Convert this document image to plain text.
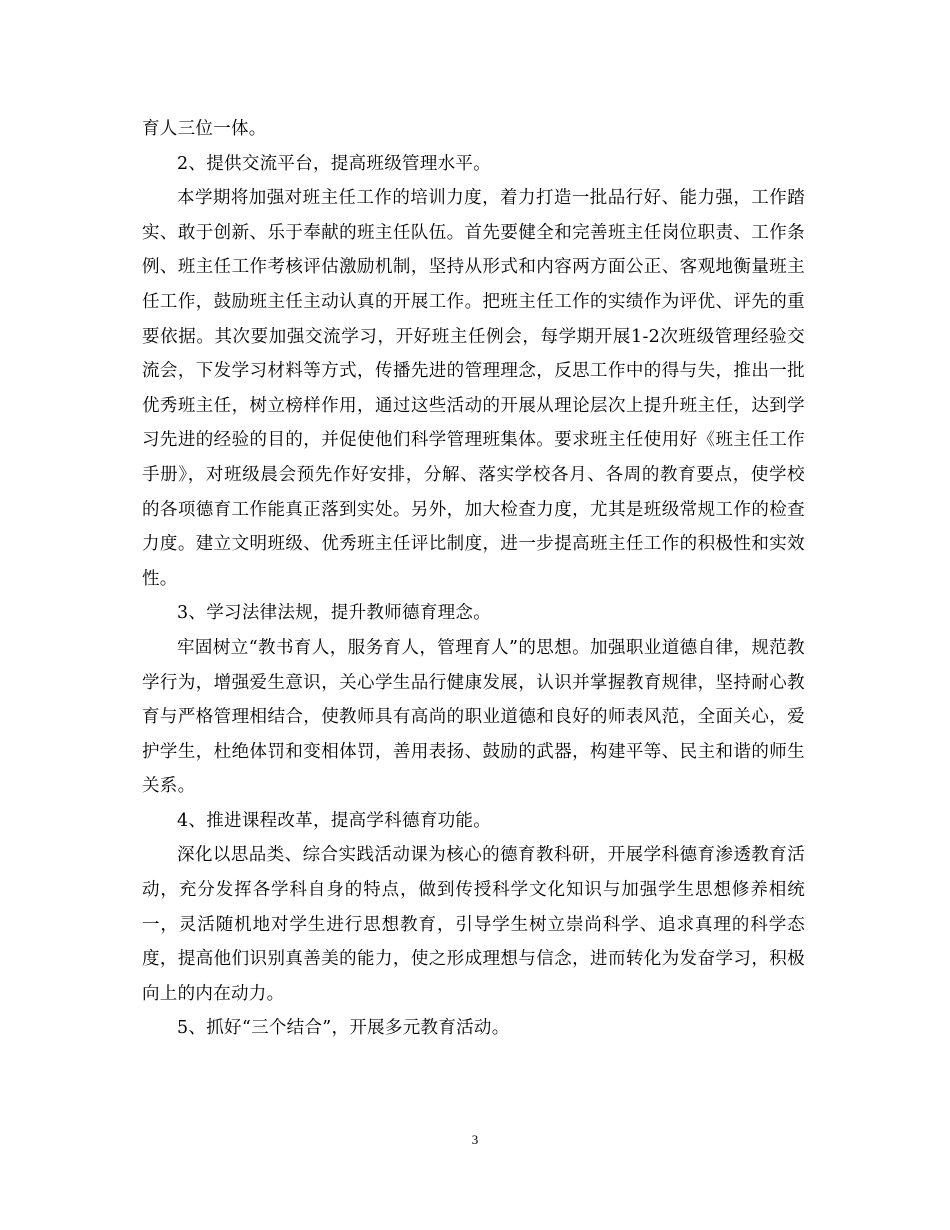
育人三位一体。

2、提供交流平台，提高班级管理水平。

本学期将加强对班主任工作的培训力度，着力打造一批品行好、能力强，工作踏实、敢于创新、乐于奉献的班主任队伍。首先要健全和完善班主任岗位职责、工作条例、班主任工作考核评估激励机制，坚持从形式和内容两方面公正、客观地衡量班主任工作，鼓励班主任主动认真的开展工作。把班主任工作的实绩作为评优、评先的重要依据。其次要加强交流学习，开好班主任例会，每学期开展1-2次班级管理经验交流会，下发学习材料等方式，传播先进的管理理念，反思工作中的得与失，推出一批优秀班主任，树立榜样作用，通过这些活动的开展从理论层次上提升班主任，达到学习先进的经验的目的，并促使他们科学管理班集体。要求班主任使用好《班主任工作手册》，对班级晨会预先作好安排，分解、落实学校各月、各周的教育要点，使学校的各项德育工作能真正落到实处。另外，加大检查力度，尤其是班级常规工作的检查力度。建立文明班级、优秀班主任评比制度，进一步提高班主任工作的积极性和实效性。

3、学习法律法规，提升教师德育理念。

牢固树立“教书育人，服务育人，管理育人”的思想。加强职业道德自律，规范教学行为，增强爱生意识，关心学生品行健康发展，认识并掌握教育规律，坚持耐心教育与严格管理相结合，使教师具有高尚的职业道德和良好的师表风范，全面关心，爱护学生，杜绝体罚和变相体罚，善用表扬、鼓励的武器，构建平等、民主和谐的师生关系。

4、推进课程改革，提高学科德育功能。

深化以思品类、综合实践活动课为核心的德育教科研，开展学科德育渗透教育活动，充分发挥各学科自身的特点，做到传授科学文化知识与加强学生思想修养相统一，灵活随机地对学生进行思想教育，引导学生树立崇尚科学、追求真理的科学态度，提高他们识别真善美的能力，使之形成理想与信念，进而转化为发奋学习，积极向上的内在动力。

5、抓好“三个结合”，开展多元教育活动。

3
